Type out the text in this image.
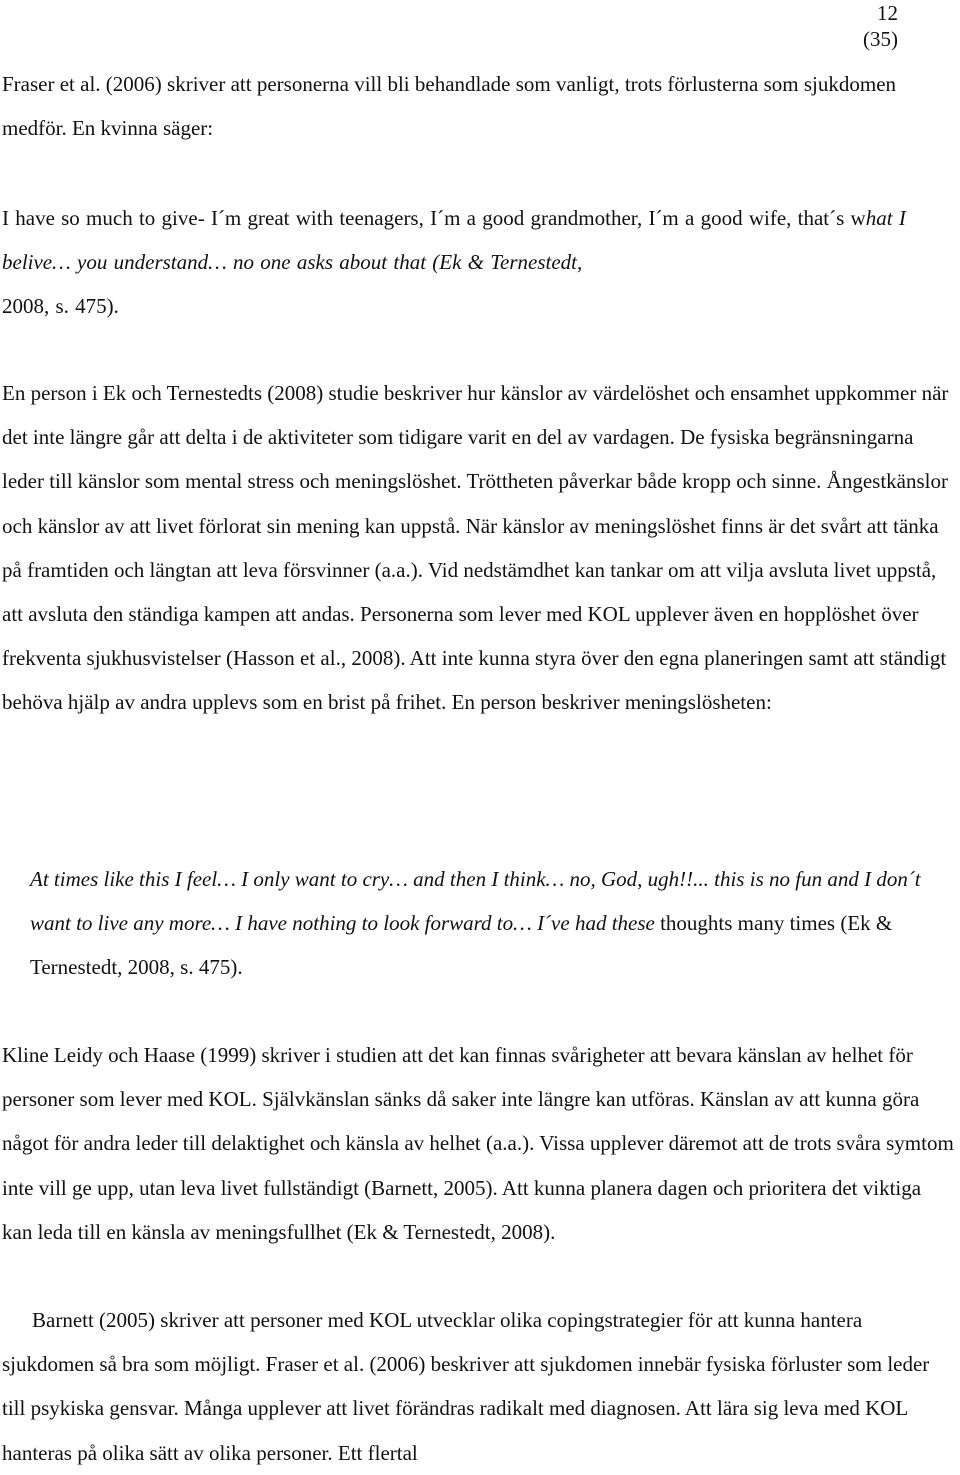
12
(35)

Fraser et al. (2006) skriver att personerna vill bli behandlade som vanligt, trots förlusterna som sjukdomen medför. En kvinna säger:

I have so much to give- I´m great with teenagers, I´m a good grandmother, I´m a good wife, that´s what I belive… you understand… no one asks about that (Ek & Ternestedt,
2008, s. 475).

En person i Ek och Ternestedts (2008) studie beskriver hur känslor av värdelöshet och ensamhet uppkommer när det inte längre går att delta i de aktiviteter som tidigare varit en del av vardagen. De fysiska begränsningarna leder till känslor som mental stress och meningslöshet. Tröttheten påverkar både kropp och sinne. Ångestkänslor och känslor av att livet förlorat sin mening kan uppstå. När känslor av meningslöshet finns är det svårt att tänka på framtiden och längtan att leva försvinner (a.a.). Vid nedstämdhet kan tankar om att vilja avsluta livet uppstå, att avsluta den ständiga kampen att andas. Personerna som lever med KOL upplever även en hopplöshet över frekventa sjukhusvistelser (Hasson et al., 2008). Att inte kunna styra över den egna planeringen samt att ständigt behöva hjälp av andra upplevs som en brist på frihet. En person beskriver meningslösheten:

At times like this I feel… I only want to cry… and then I think… no, God, ugh!!... this is no fun and I don´t want to live any more… I have nothing to look forward to… I´ve had these thoughts many times (Ek & Ternestedt, 2008, s. 475).

Kline Leidy och Haase (1999) skriver i studien att det kan finnas svårigheter att bevara känslan av helhet för personer som lever med KOL. Självkänslan sänks då saker inte längre kan utföras. Känslan av att kunna göra något för andra leder till delaktighet och känsla av helhet (a.a.). Vissa upplever däremot att de trots svåra symtom inte vill ge upp, utan leva livet fullständigt (Barnett, 2005). Att kunna planera dagen och prioritera det viktiga kan leda till en känsla av meningsfullhet (Ek & Ternestedt, 2008).

Barnett (2005) skriver att personer med KOL utvecklar olika copingstrategier för att kunna hantera sjukdomen så bra som möjligt. Fraser et al. (2006) beskriver att sjukdomen innebär fysiska förluster som leder till psykiska gensvar. Många upplever att livet förändras radikalt med diagnosen. Att lära sig leva med KOL hanteras på olika sätt av olika personer. Ett flertal
